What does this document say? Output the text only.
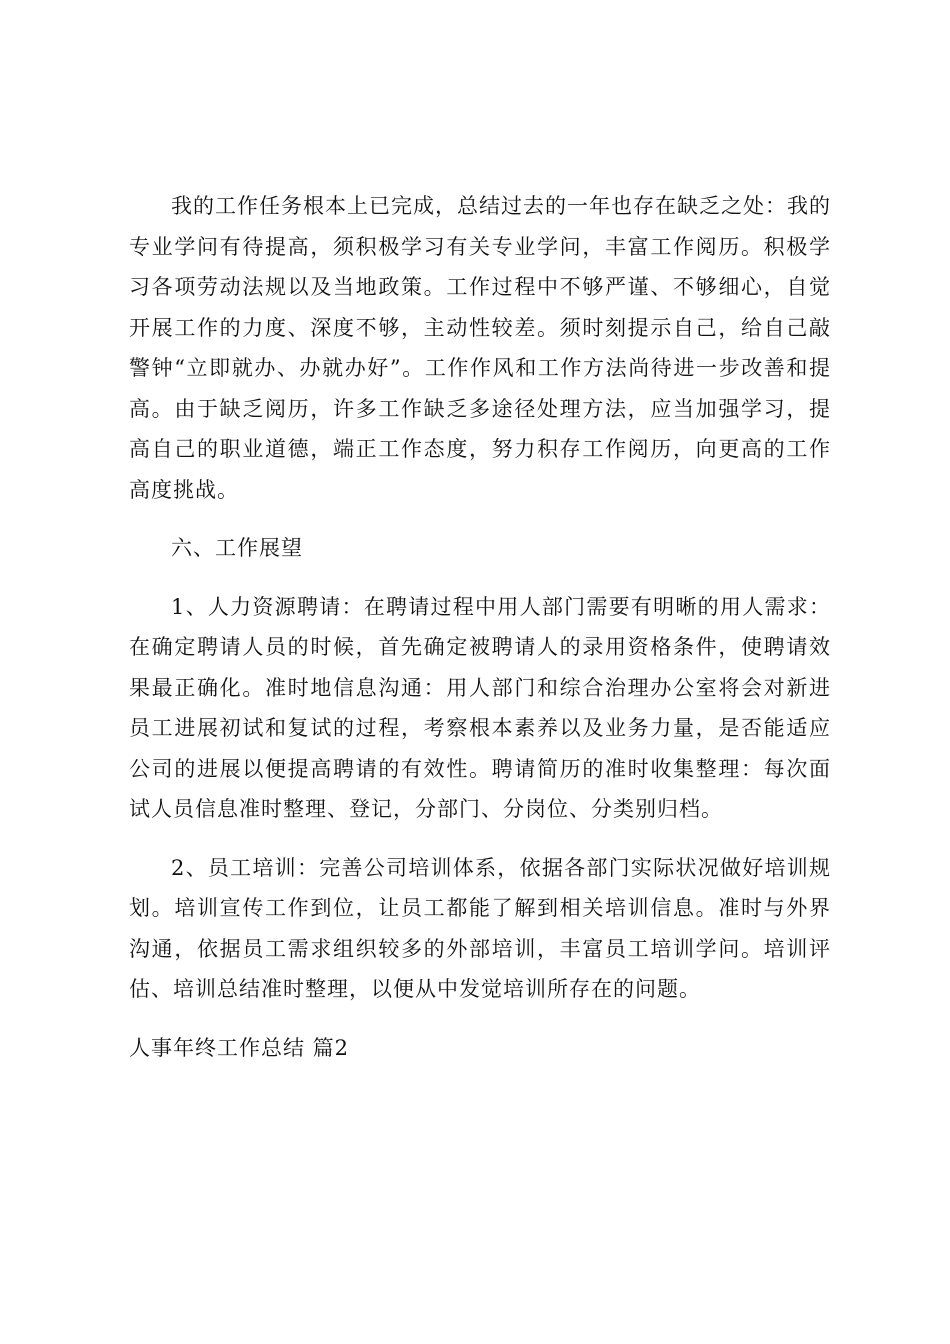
我的工作任务根本上已完成，总结过去的一年也存在缺乏之处：我的专业学问有待提高，须积极学习有关专业学问，丰富工作阅历。积极学习各项劳动法规以及当地政策。工作过程中不够严谨、不够细心，自觉开展工作的力度、深度不够，主动性较差。须时刻提示自己，给自己敲警钟“立即就办、办就办好”。工作作风和工作方法尚待进一步改善和提高。由于缺乏阅历，许多工作缺乏多途径处理方法，应当加强学习，提高自己的职业道德，端正工作态度，努力积存工作阅历，向更高的工作高度挑战。

六、工作展望

1、人力资源聘请：在聘请过程中用人部门需要有明晰的用人需求：在确定聘请人员的时候，首先确定被聘请人的录用资格条件，使聘请效果最正确化。准时地信息沟通：用人部门和综合治理办公室将会对新进员工进展初试和复试的过程，考察根本素养以及业务力量，是否能适应公司的进展以便提高聘请的有效性。聘请简历的准时收集整理：每次面试人员信息准时整理、登记，分部门、分岗位、分类别归档。

2、员工培训：完善公司培训体系，依据各部门实际状况做好培训规划。培训宣传工作到位，让员工都能了解到相关培训信息。准时与外界沟通，依据员工需求组织较多的外部培训，丰富员工培训学问。培训评估、培训总结准时整理，以便从中发觉培训所存在的问题。

人事年终工作总结 篇2
